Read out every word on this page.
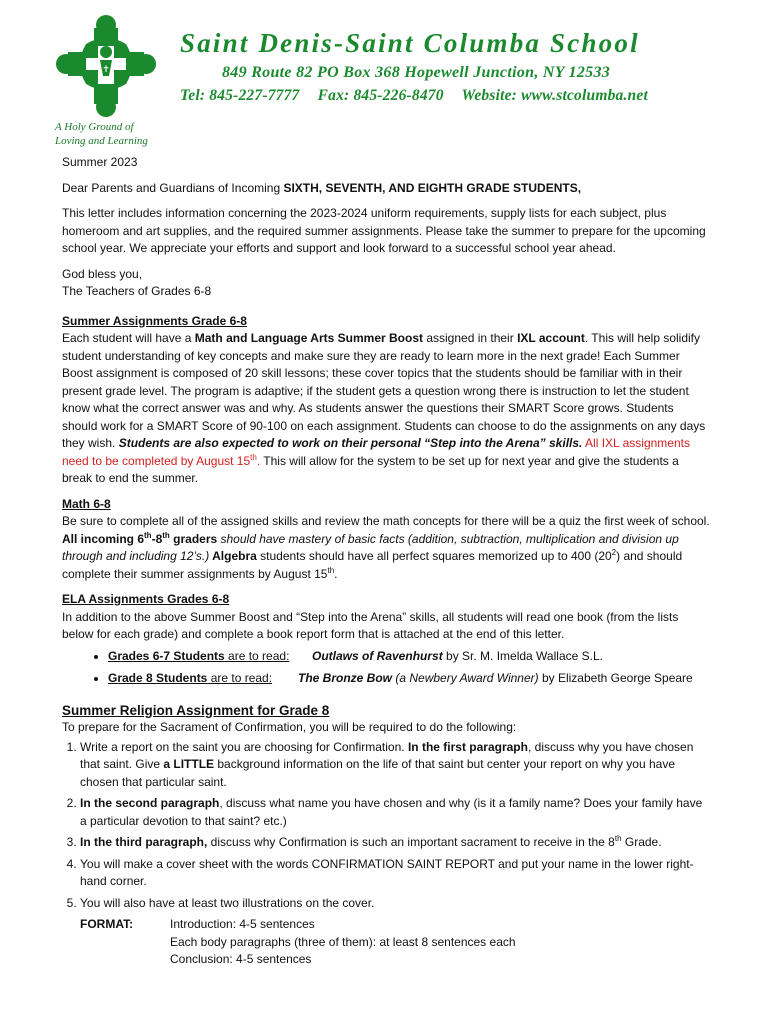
✝
A Holy Ground of
Loving and Learning
Saint Denis-Saint Columba School
849 Route 82 PO Box 368 Hopewell Junction, NY 12533
Tel: 845-227-7777 Fax: 845-226-8470 Website: www.stcolumba.net

Summer 2023

Dear Parents and Guardians of Incoming SIXTH, SEVENTH, AND EIGHTH GRADE STUDENTS,

This letter includes information concerning the 2023-2024 uniform requirements, supply lists for each subject, plus homeroom and art supplies, and the required summer assignments. Please take the summer to prepare for the upcoming school year. We appreciate your efforts and support and look forward to a successful school year ahead.

God bless you,
The Teachers of Grades 6-8

Summer Assignments Grade 6-8

Each student will have a Math and Language Arts Summer Boost assigned in their IXL account. This will help solidify student understanding of key concepts and make sure they are ready to learn more in the next grade! Each Summer Boost assignment is composed of 20 skill lessons; these cover topics that the students should be familiar with in their present grade level. The program is adaptive; if the student gets a question wrong there is instruction to let the student know what the correct answer was and why. As students answer the questions their SMART Score grows. Students should work for a SMART Score of 90-100 on each assignment. Students can choose to do the assignments on any days they wish. Students are also expected to work on their personal “Step into the Arena” skills. All IXL assignments need to be completed by August 15th. This will allow for the system to be set up for next year and give the students a break to end the summer.

Math 6-8

Be sure to complete all of the assigned skills and review the math concepts for there will be a quiz the first week of school. All incoming 6th-8th graders should have mastery of basic facts (addition, subtraction, multiplication and division up through and including 12’s.) Algebra students should have all perfect squares memorized up to 400 $(20^2)$ and should complete their summer assignments by August 15th.

ELA Assignments Grades 6-8
In addition to the above Summer Boost and “Step into the Arena” skills, all students will read one book (from the lists below for each grade) and complete a book report form that is attached at the end of this letter.
• Grades 6-7 Students are to read: Outlaws of Ravenhurst by Sr. M. Imelda Wallace S.L.
• Grade 8 Students are to read: The Bronze Bow (a Newbery Award Winner) by Elizabeth George Speare
Summer Religion Assignment for Grade 8
To prepare for the Sacrament of Confirmation, you will be required to do the following:
1. Write a report on the saint you are choosing for Confirmation. In the first paragraph, discuss why you have chosen that saint. Give a LITTLE background information on the life of that saint but center your report on why you have chosen that particular saint.
2. In the second paragraph, discuss what name you have chosen and why (is it a family name? Does your family have a particular devotion to that saint? etc.)
3. In the third paragraph, discuss why Confirmation is such an important sacrament to receive in the 8th Grade.
4. You will make a cover sheet with the words CONFIRMATION SAINT REPORT and put your name in the lower right-hand corner.
5. You will also have at least two illustrations on the cover.
FORMAT:	Introduction: 4-5 sentences
Each body paragraphs (three of them): at least 8 sentences each
Conclusion: 4-5 sentences
